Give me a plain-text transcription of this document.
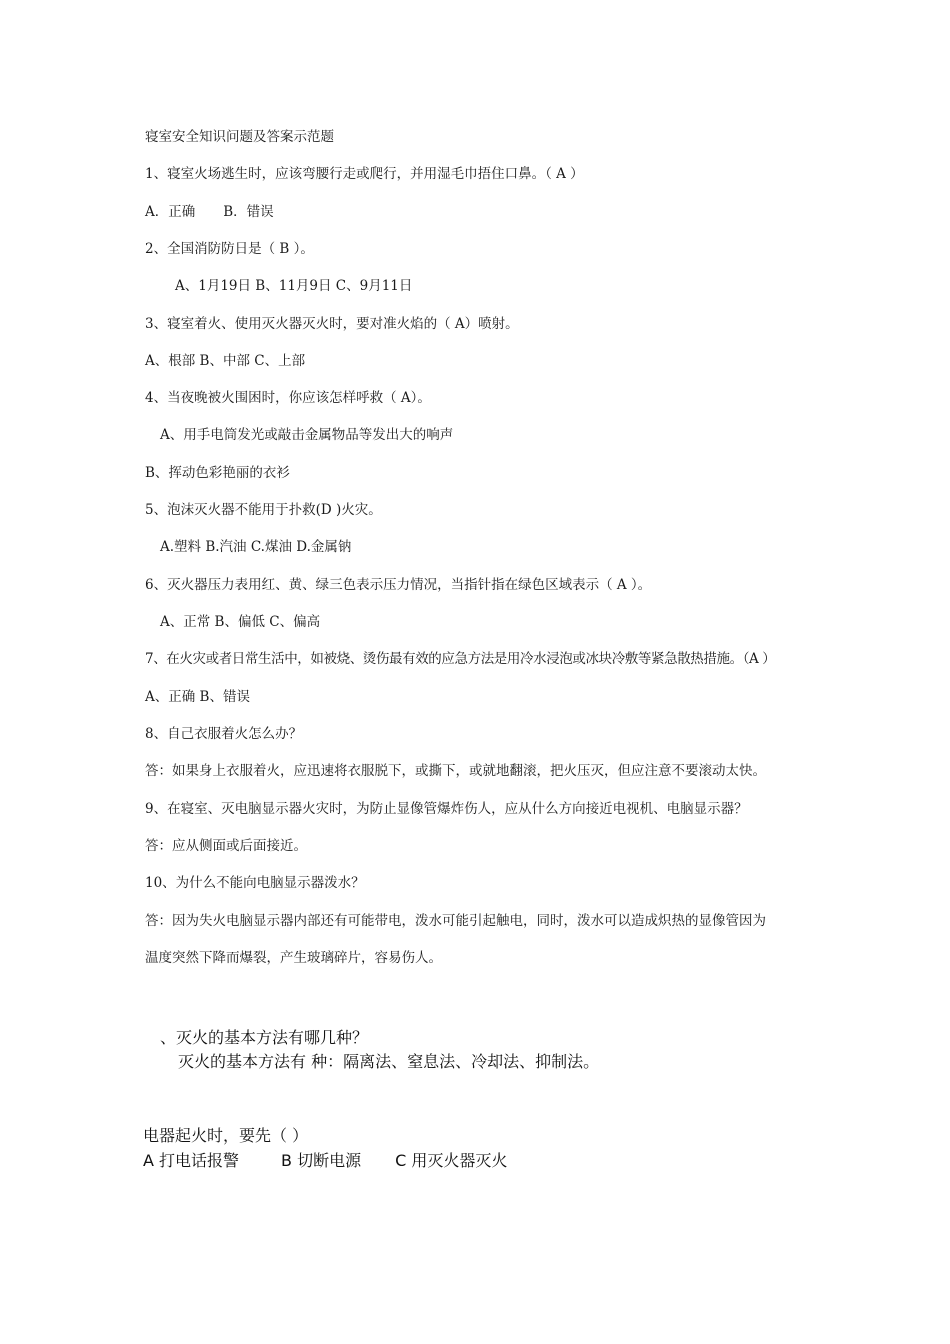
寝室安全知识问题及答案示范题
1、寝室火场逃生时，应该弯腰行走或爬行，并用湿毛巾捂住口鼻。（ A ）
A．正确 B．错误
2、全国消防防日是（ B ）。
A、1月19日 B、11月9日 C、9月11日
3、寝室着火、使用灭火器灭火时，要对准火焰的（ A）喷射。
A、根部 B、中部 C、上部
4、当夜晚被火围困时，你应该怎样呼救（ A）。
A、用手电筒发光或敲击金属物品等发出大的响声
B、挥动色彩艳丽的衣衫
5、泡沫灭火器不能用于扑救(D )火灾。
A.塑料 B.汽油 C.煤油 D.金属钠
6、灭火器压力表用红、黄、绿三色表示压力情况，当指针指在绿色区域表示（ A ）。
A、正常 B、偏低 C、偏高
7、在火灾或者日常生活中，如被烧、烫伤最有效的应急方法是用冷水浸泡或冰块冷敷等紧急散热措施。（A ）
A、正确 B、错误
8、自己衣服着火怎么办？
答：如果身上衣服着火，应迅速将衣服脱下，或撕下，或就地翻滚，把火压灭，但应注意不要滚动太快。
9、在寝室、灭电脑显示器火灾时，为防止显像管爆炸伤人，应从什么方向接近电视机、电脑显示器？
答：应从侧面或后面接近。
10、为什么不能向电脑显示器泼水？
答：因为失火电脑显示器内部还有可能带电，泼水可能引起触电，同时，泼水可以造成炽热的显像管因为
温度突然下降而爆裂，产生玻璃碎片，容易伤人。
、灭火的基本方法有哪几种？
灭火的基本方法有 种：隔离法、窒息法、冷却法、抑制法。
电器起火时，要先（ ）
A 打电话报警	B 切断电源 C 用灭火器灭火
